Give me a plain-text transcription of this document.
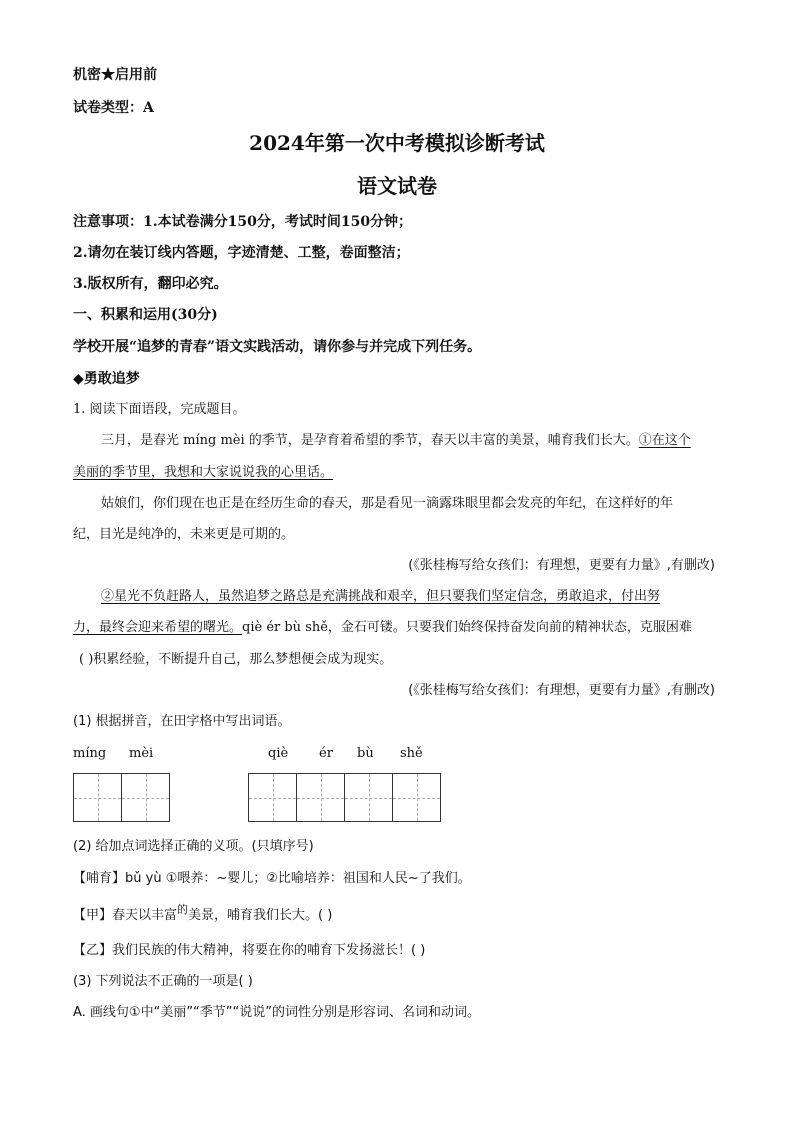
机密★启用前
试卷类型：A
2024年第一次中考模拟诊断考试
语文试卷
注意事项：1.本试卷满分150分，考试时间150分钟；
2.请勿在装订线内答题，字迹清楚、工整，卷面整洁；
3.版权所有，翻印必究。
一、积累和运用(30分)
学校开展“追梦的青春”语文实践活动，请你参与并完成下列任务。
◆勇敢追梦
1. 阅读下面语段，完成题目。
三月，是春光 míng mèi 的季节，是孕育着希望的季节，春天以丰富的美景，哺育我们长大。①在这个
美丽的季节里，我想和大家说说我的心里话。
姑娘们，你们现在也正是在经历生命的春天，那是看见一滴露珠眼里都会发亮的年纪，在这样好的年
纪，目光是纯净的，未来更是可期的。
(《张桂梅写给女孩们：有理想，更要有力量》,有删改)
②星光不负赶路人，虽然追梦之路总是充满挑战和艰辛，但只要我们坚定信念，勇敢追求，付出努
力，最终会迎来希望的曙光。qiè ér bù shě，金石可镂。只要我们始终保持奋发向前的精神状态，克服困难
( )积累经验，不断提升自己，那么梦想便会成为现实。
(《张桂梅写给女孩们：有理想，更要有力量》,有删改)
(1) 根据拼音，在田字格中写出词语。
míng mèi	qiè ér bù shě
(2) 给加点词选择正确的义项。(只填序号)
【哺育】bǔ yù ①喂养：~婴儿；②比喻培养：祖国和人民~了我们。
【甲】春天以丰富$^的$美景，哺育我们长大。( )
【乙】我们民族的伟大精神，将要在你的哺育下发扬滋长！( )
(3) 下列说法不正确的一项是( )
A. 画线句①中“美丽”“季节”“说说”的词性分别是形容词、名词和动词。
